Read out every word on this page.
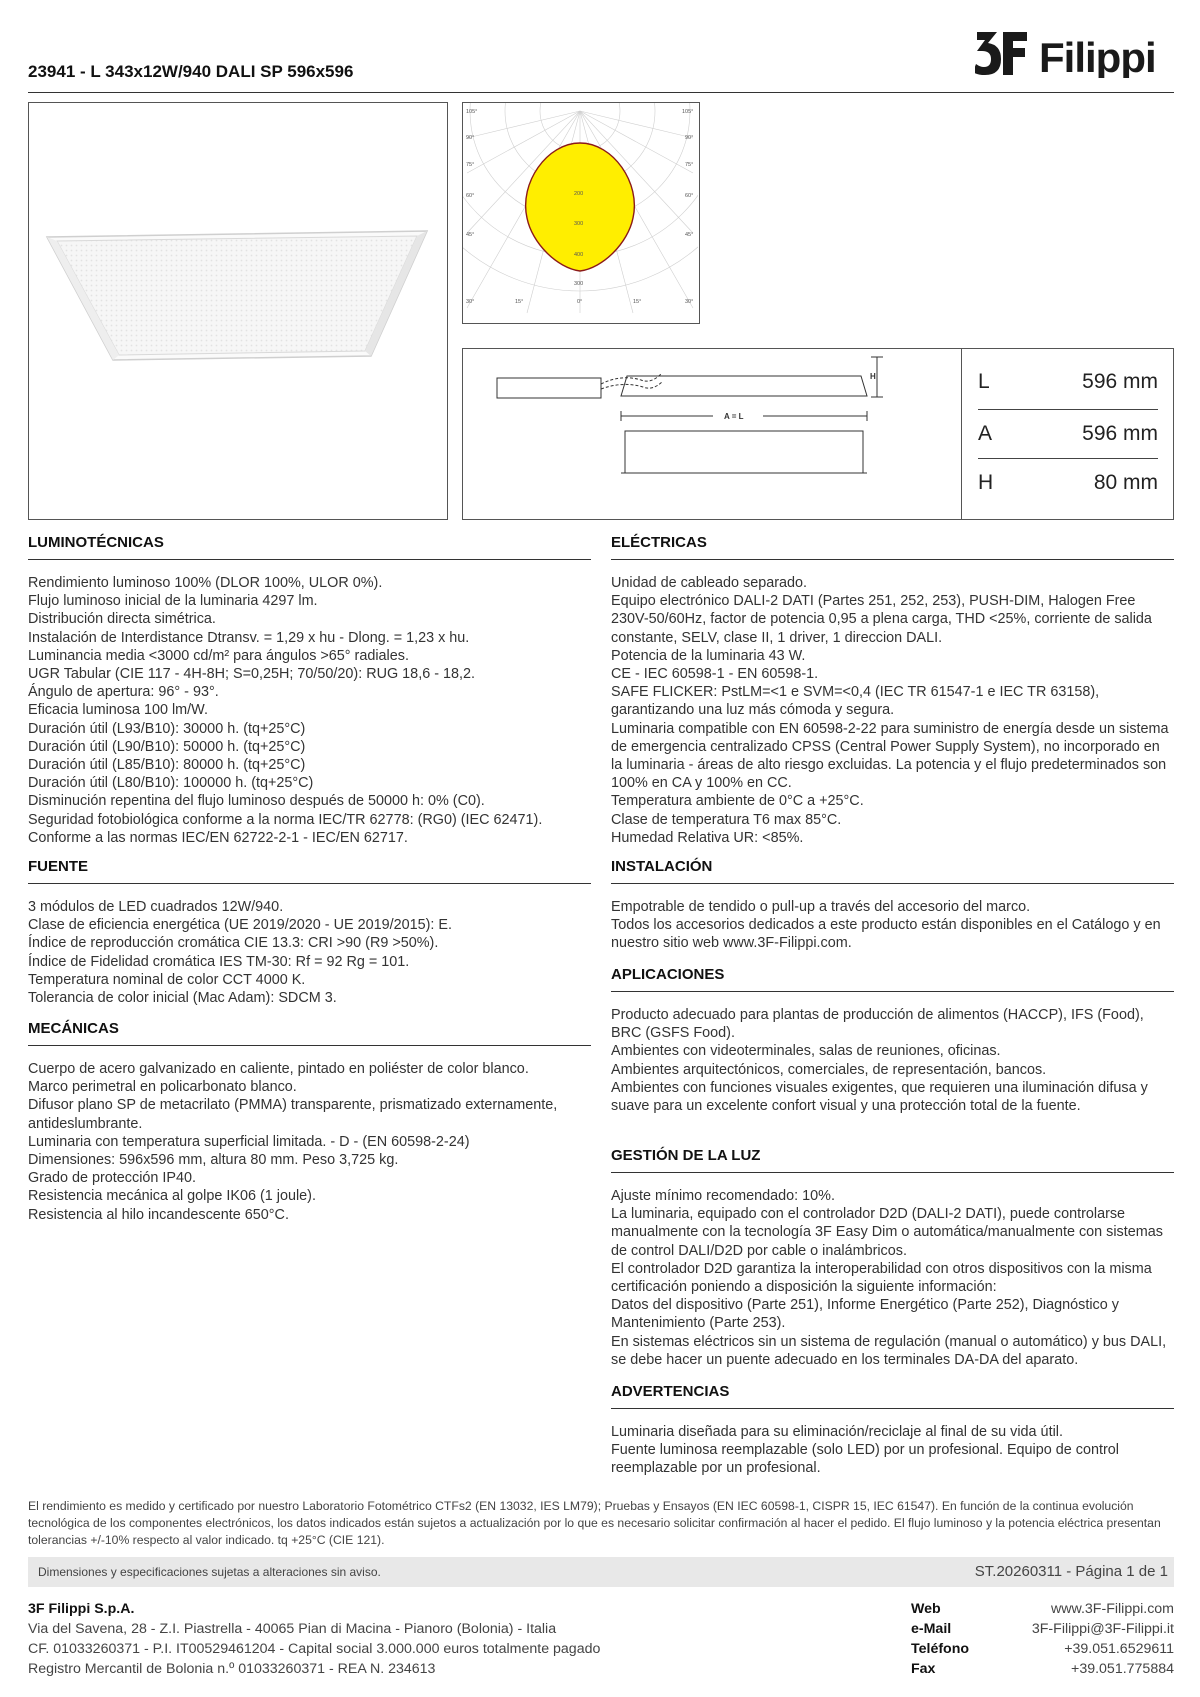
23941 - L 343x12W/940 DALI SP 596x596	Filippi
105°
90°
75°
60°
45°
30°
105°
90°
75°
60°
45°
30°
15°	0°	15°
200
300
400
300
H
A = L
L	596 mm
A	596 mm
H	80 mm
LUMINOTÉCNICAS

Rendimiento luminoso 100% (DLOR 100%, ULOR 0%).

Flujo luminoso inicial de la luminaria 4297 lm.

Distribución directa simétrica.

Instalación de Interdistance Dtransv. = 1,29 x hu - Dlong. = 1,23 x hu.

Luminancia media <3000 cd/m² para ángulos >65° radiales.

UGR Tabular (CIE 117 - 4H-8H; S=0,25H; 70/50/20): RUG 18,6 - 18,2.

Ángulo de apertura: 96° - 93°.

Eficacia luminosa 100 lm/W.

Duración útil (L93/B10): 30000 h. (tq+25°C)

Duración útil (L90/B10): 50000 h. (tq+25°C)

Duración útil (L85/B10): 80000 h. (tq+25°C)

Duración útil (L80/B10): 100000 h. (tq+25°C)

Disminución repentina del flujo luminoso después de 50000 h: 0% (C0).

Seguridad fotobiológica conforme a la norma IEC/TR 62778: (RG0) (IEC 62471).

Conforme a las normas IEC/EN 62722-2-1 - IEC/EN 62717.

FUENTE

3 módulos de LED cuadrados 12W/940.

Clase de eficiencia energética (UE 2019/2020 - UE 2019/2015): E.

Índice de reproducción cromática CIE 13.3: CRI >90 (R9 >50%).

Índice de Fidelidad cromática IES TM-30: Rf = 92 Rg = 101.

Temperatura nominal de color CCT 4000 K.

Tolerancia de color inicial (Mac Adam): SDCM 3.

MECÁNICAS

Cuerpo de acero galvanizado en caliente, pintado en poliéster de color blanco.

Marco perimetral en policarbonato blanco.

Difusor plano SP de metacrilato (PMMA) transparente, prismatizado externamente, antideslumbrante.

Luminaria con temperatura superficial limitada. - D - (EN 60598-2-24)

Dimensiones: 596x596 mm, altura 80 mm. Peso 3,725 kg.

Grado de protección IP40.

Resistencia mecánica al golpe IK06 (1 joule).

Resistencia al hilo incandescente 650°C.

ELÉCTRICAS

Unidad de cableado separado.

Equipo electrónico DALI-2 DATI (Partes 251, 252, 253), PUSH-DIM, Halogen Free 230V-50/60Hz, factor de potencia 0,95 a plena carga, THD <25%, corriente de salida constante, SELV, clase II, 1 driver, 1 direccion DALI.

Potencia de la luminaria 43 W.

CE - IEC 60598-1 - EN 60598-1.

SAFE FLICKER: PstLM=<1 e SVM=<0,4 (IEC TR 61547-1 e IEC TR 63158), garantizando una luz más cómoda y segura.

Luminaria compatible con EN 60598-2-22 para suministro de energía desde un sistema de emergencia centralizado CPSS (Central Power Supply System), no incorporado en la luminaria - áreas de alto riesgo excluidas. La potencia y el flujo predeterminados son 100% en CA y 100% en CC.

Temperatura ambiente de 0°C a +25°C.

Clase de temperatura T6 max 85°C.

Humedad Relativa UR: <85%.

INSTALACIÓN

Empotrable de tendido o pull-up a través del accesorio del marco.

Todos los accesorios dedicados a este producto están disponibles en el Catálogo y en nuestro sitio web www.3F-Filippi.com.

APLICACIONES

Producto adecuado para plantas de producción de alimentos (HACCP), IFS (Food), BRC (GSFS Food).

Ambientes con videoterminales, salas de reuniones, oficinas.

Ambientes arquitectónicos, comerciales, de representación, bancos.

Ambientes con funciones visuales exigentes, que requieren una iluminación difusa y suave para un excelente confort visual y una protección total de la fuente.

GESTIÓN DE LA LUZ

Ajuste mínimo recomendado: 10%.

La luminaria, equipado con el controlador D2D (DALI-2 DATI), puede controlarse manualmente con la tecnología 3F Easy Dim o automática/manualmente con sistemas de control DALI/D2D por cable o inalámbricos.

El controlador D2D garantiza la interoperabilidad con otros dispositivos con la misma certificación poniendo a disposición la siguiente información:

Datos del dispositivo (Parte 251), Informe Energético (Parte 252), Diagnóstico y Mantenimiento (Parte 253).

En sistemas eléctricos sin un sistema de regulación (manual o automático) y bus DALI, se debe hacer un puente adecuado en los terminales DA-DA del aparato.

ADVERTENCIAS

Luminaria diseñada para su eliminación/reciclaje al final de su vida útil.

Fuente luminosa reemplazable (solo LED) por un profesional. Equipo de control reemplazable por un profesional.

El rendimiento es medido y certificado por nuestro Laboratorio Fotométrico CTFs2 (EN 13032, IES LM79); Pruebas y Ensayos (EN IEC 60598-1, CISPR 15, IEC 61547). En función de la continua evolución tecnológica de los componentes electrónicos, los datos indicados están sujetos a actualización por lo que es necesario solicitar confirmación al hacer el pedido. El flujo luminoso y la potencia eléctrica presentan tolerancias +/-10% respecto al valor indicado. tq +25°C (CIE 121).
Dimensiones y especificaciones sujetas a alteraciones sin aviso.	ST.20260311 - Página 1 de 1
3F Filippi S.p.A.
Via del Savena, 28 - Z.I. Piastrella - 40065 Pian di Macina - Pianoro (Bolonia) - Italia
CF. 01033260371 - P.I. IT00529461204 - Capital social 3.000.000 euros totalmente pagado
Registro Mercantil de Bolonia n.º 01033260371 - REA N. 234613
Web	www.3F-Filippi.com
e-Mail	3F-Filippi@3F-Filippi.it
Teléfono	+39.051.6529611
Fax	+39.051.775884
